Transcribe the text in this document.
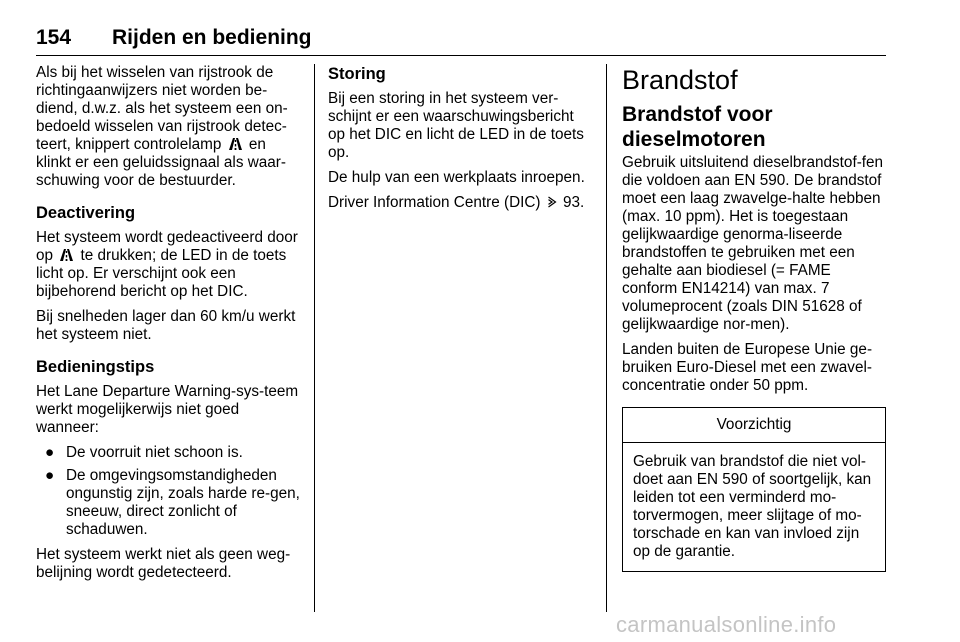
154 Rijden en bediening

Als bij het wisselen van rijstrook de richtingaanwijzers niet worden be-diend, d.w.z. als het systeem een on-bedoeld wisselen van rijstrook detec-teert, knippert controlelamp en klinkt er een geluidssignaal als waar-schuwing voor de bestuurder.

Deactivering

Het systeem wordt gedeactiveerd door op te drukken; de LED in de toets licht op. Er verschijnt ook een bijbehorend bericht op het DIC.

Bij snelheden lager dan 60 km/u werkt het systeem niet.

Bedieningstips

Het Lane Departure Warning-sys-teem werkt mogelijkerwijs niet goed wanneer:

● De voorruit niet schoon is.
● De omgevingsomstandigheden ongunstig zijn, zoals harde re-gen, sneeuw, direct zonlicht of schaduwen.

Het systeem werkt niet als geen weg-belijning wordt gedetecteerd.

Storing

Bij een storing in het systeem ver-schijnt er een waarschuwingsbericht op het DIC en licht de LED in de toets op.

De hulp van een werkplaats inroepen.

Driver Information Centre (DIC) 93.

Brandstof
Brandstof voor dieselmotoren

Gebruik uitsluitend dieselbrandstof-fen die voldoen aan EN 590. De brandstof moet een laag zwavelge-halte hebben (max. 10 ppm). Het is toegestaan gelijkwaardige genorma-liseerde brandstoffen te gebruiken met een gehalte aan biodiesel (= FAME conform EN14214) van max. 7 volumeprocent (zoals DIN 51628 of gelijkwaardige nor-men).

Landen buiten de Europese Unie ge-bruiken Euro-Diesel met een zwavel-concentratie onder 50 ppm.

Voorzichtig
Gebruik van brandstof die niet vol-doet aan EN 590 of soortgelijk, kan leiden tot een verminderd mo-torvermogen, meer slijtage of mo-torschade en kan van invloed zijn op de garantie.
carmanualsonline.info
